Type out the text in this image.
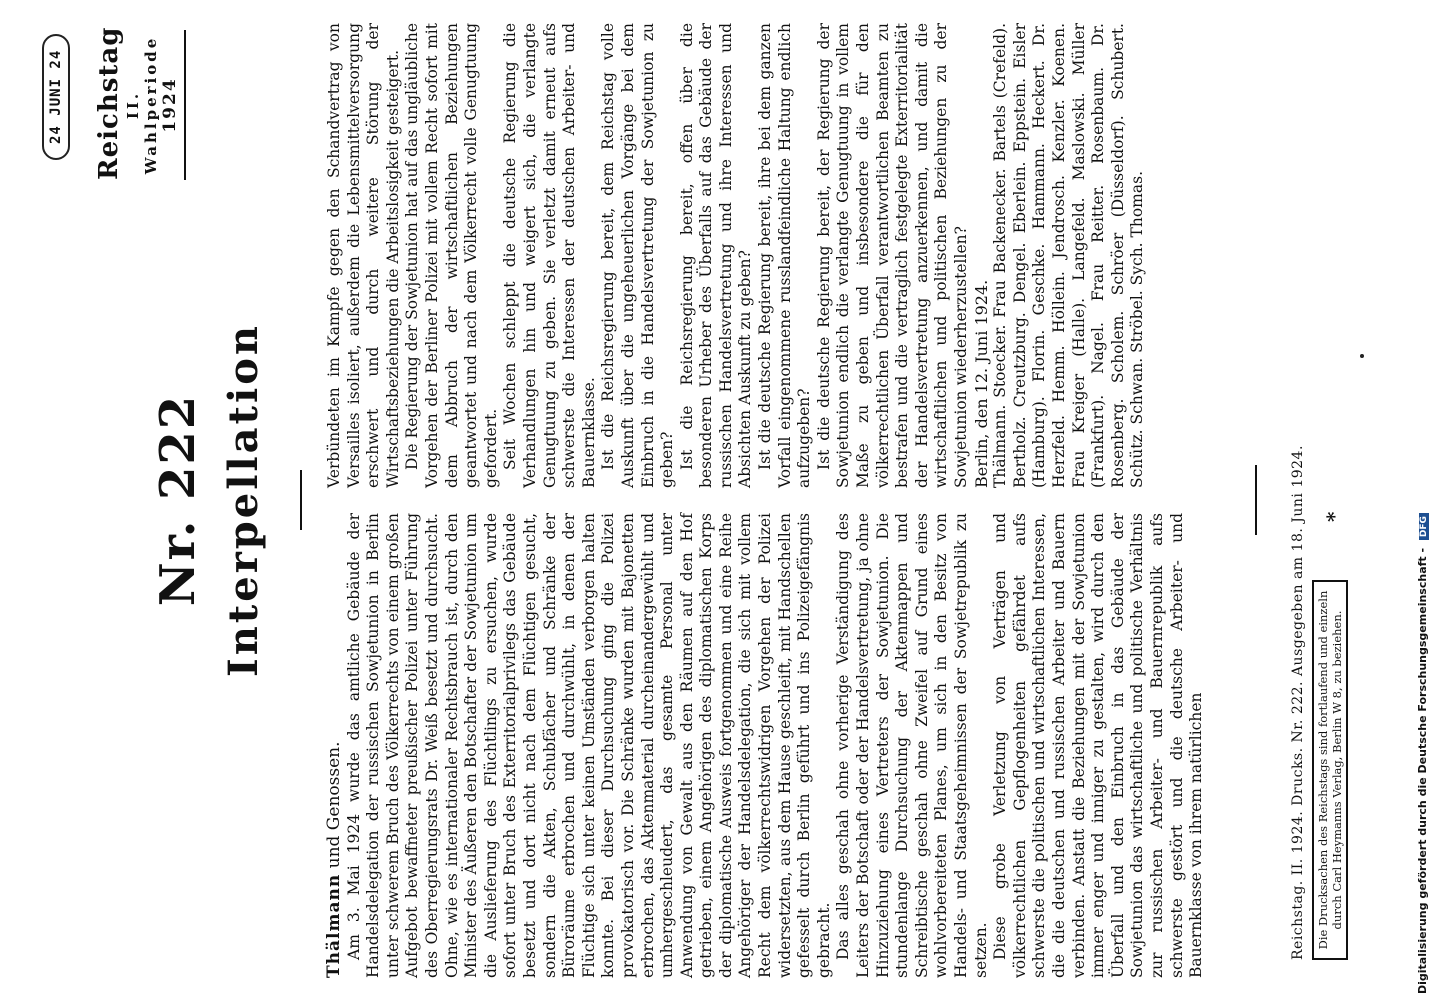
24 JUNI 24 Reichstag II. Wahlperiode 1924
Nr. 222 Interpellation

Thälmann und Genossen. Am 3. Mai 1924 wurde das amtliche Gebäude der Handelsdelegation der russischen Sowjetunion in Berlin unter schwerem Bruch des Völkerrechts von einem großen Aufgebot bewaffneter preußischer Polizei unter Führung des Oberregierungsrats Dr. Weiß besetzt und durchsucht. Ohne, wie es internationaler Rechtsbrauch ist, durch den Minister des Äußeren den Botschafter der Sowjetunion um die Auslieferung des Flüchtlings zu ersuchen, wurde sofort unter Bruch des Exterritorialprivilegs das Gebäude besetzt und dort nicht nach dem Flüchtigen gesucht, sondern die Akten, Schubfächer und Schränke der Büroräume erbrochen und durchwühlt, in denen der Flüchtige sich unter keinen Umständen verborgen halten konnte. Bei dieser Durchsuchung ging die Polizei provokatorisch vor. Die Schränke wurden mit Bajonetten erbrochen, das Aktenmaterial durcheinandergewühlt und umhergeschleudert, das gesamte Personal unter Anwendung von Gewalt aus den Räumen auf den Hof getrieben, einem Angehörigen des diplomatischen Korps der diplomatische Ausweis fortgenommen und eine Reihe Angehöriger der Handelsdelegation, die sich mit vollem Recht dem völkerrechtswidrigen Vorgehen der Polizei widersetzten, aus dem Hause geschleift, mit Handschellen gefesselt durch Berlin geführt und ins Polizeigefängnis gebracht. Das alles geschah ohne vorherige Verständigung des Leiters der Botschaft oder der Handelsvertretung, ja ohne Hinzuziehung eines Vertreters der Sowjetunion. Die stundenlange Durchsuchung der Aktenmappen und Schreibtische geschah ohne Zweifel auf Grund eines wohlvorbereiteten Planes, um sich in den Besitz von Handels- und Staatsgeheimnissen der Sowjetrepublik zu setzen. Diese grobe Verletzung von Verträgen und völkerrechtlichen Gepflogenheiten gefährdet aufs schwerste die politischen und wirtschaftlichen Interessen, die die deutschen und russischen Arbeiter und Bauern verbinden. Anstatt die Beziehungen mit der Sowjetunion immer enger und inniger zu gestalten, wird durch den Überfall und den Einbruch in das Gebäude der Sowjetunion das wirtschaftliche und politische Verhältnis zur russischen Arbeiter- und Bauernrepublik aufs schwerste gestört und die deutsche Arbeiter- und Bauernklasse von ihrem natürlichen

Verbündeten im Kampfe gegen den Schandvertrag von Versailles isoliert, außerdem die Lebensmittelversorgung erschwert und durch weitere Störung der Wirtschaftsbeziehungen die Arbeitslosigkeit gesteigert. Die Regierung der Sowjetunion hat auf das ungläubliche Vorgehen der Berliner Polizei mit vollem Recht sofort mit dem Abbruch der wirtschaftlichen Beziehungen geantwortet und nach dem Völkerrecht volle Genugtuung gefordert. Seit Wochen schleppt die deutsche Regierung die Verhandlungen hin und weigert sich, die verlangte Genugtuung zu geben. Sie verletzt damit erneut aufs schwerste die Interessen der deutschen Arbeiter- und Bauernklasse. Ist die Reichsregierung bereit, dem Reichstag volle Auskunft über die ungeheuerlichen Vorgänge bei dem Einbruch in die Handelsvertretung der Sowjetunion zu geben? Ist die Reichsregierung bereit, offen über die besonderen Urheber des Überfalls auf das Gebäude der russischen Handelsvertretung und ihre Interessen und Absichten Auskunft zu geben? Ist die deutsche Regierung bereit, ihre bei dem ganzen Vorfall eingenommene russlandfeindliche Haltung endlich aufzugeben? Ist die deutsche Regierung bereit, der Regierung der Sowjetunion endlich die verlangte Genugtuung in vollem Maße zu geben und insbesondere die für den völkerrechtlichen Überfall verantwortlichen Beamten zu bestrafen und die vertraglich festgelegte Exterritorialität der Handelsvertretung anzuerkennen, und damit die wirtschaftlichen und politischen Beziehungen zu der Sowjetunion wiederherzustellen? Berlin, den 12. Juni 1924. Thälmann. Stoecker. Frau Backenecker. Bartels (Crefeld). Bertholz. Creutzburg. Dengel. Eberlein. Eppstein. Eisler (Hamburg). Florin. Geschke. Hammann. Heckert. Dr. Herzfeld. Hemm. Höllein. Jendrosch. Kenzler. Koenen. Frau Kreiger (Halle). Langefeld. Maslowski. Müller (Frankfurt). Nagel. Frau Reitter. Rosenbaum. Dr. Rosenberg. Scholem. Schröer (Düsseldorf). Schubert. Schütz. Schwan. Ströbel. Sych. Thomas.

Reichstag. II. 1924. Drucks. Nr. 222. Ausgegeben am 18. Juni 1924. Die Drucksachen des Reichstags sind fortlaufend und einzeln durch Carl Heymanns Verlag, Berlin W 8, zu beziehen.
*
Digitalisierung gefördert durch die Deutsche Forschungsgemeinschaft - DFG
